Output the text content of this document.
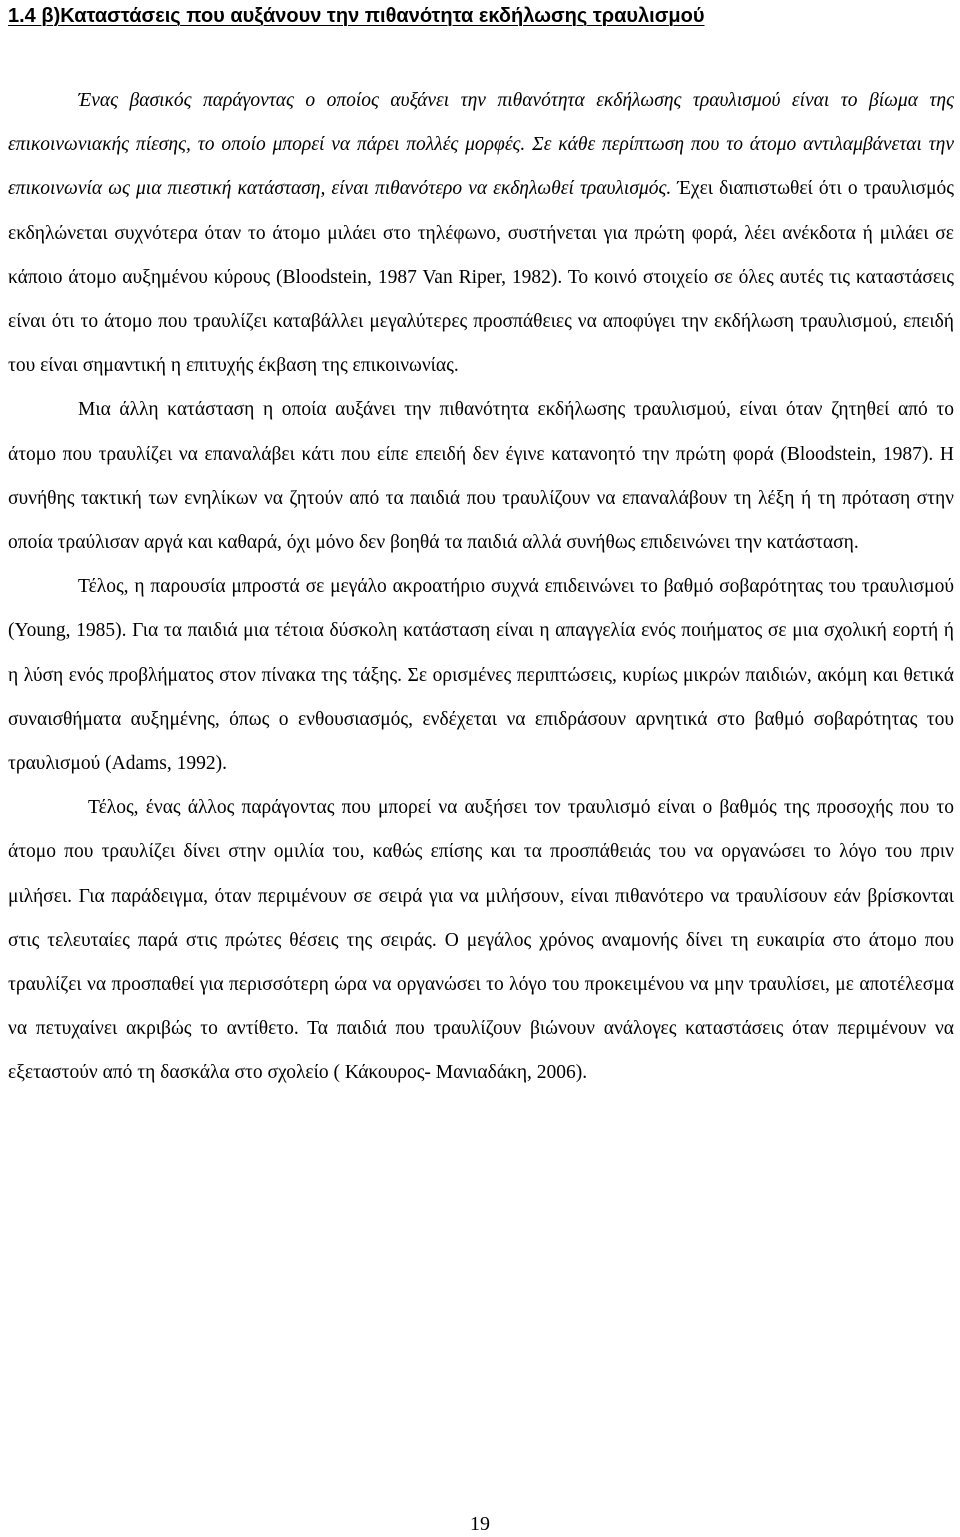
1.4 β)Καταστάσεις που αυξάνουν την πιθανότητα εκδήλωσης τραυλισμού

Ένας βασικός παράγοντας ο οποίος αυξάνει την πιθανότητα εκδήλωσης τραυλισμού είναι το βίωμα της επικοινωνιακής πίεσης, το οποίο μπορεί να πάρει πολλές μορφές. Σε κάθε περίπτωση που το άτομο αντιλαμβάνεται την επικοινωνία ως μια πιεστική κατάσταση, είναι πιθανότερο να εκδηλωθεί τραυλισμός. Έχει διαπιστωθεί ότι ο τραυλισμός εκδηλώνεται συχνότερα όταν το άτομο μιλάει στο τηλέφωνο, συστήνεται για πρώτη φορά, λέει ανέκδοτα ή μιλάει σε κάποιο άτομο αυξημένου κύρους (Bloodstein, 1987 Van Riper, 1982). Το κοινό στοιχείο σε όλες αυτές τις καταστάσεις είναι ότι το άτομο που τραυλίζει καταβάλλει μεγαλύτερες προσπάθειες να αποφύγει την εκδήλωση τραυλισμού, επειδή του είναι σημαντική η επιτυχής έκβαση της επικοινωνίας.

Μια άλλη κατάσταση η οποία αυξάνει την πιθανότητα εκδήλωσης τραυλισμού, είναι όταν ζητηθεί από το άτομο που τραυλίζει να επαναλάβει κάτι που είπε επειδή δεν έγινε κατανοητό την πρώτη φορά (Bloodstein, 1987). Η συνήθης τακτική των ενηλίκων να ζητούν από τα παιδιά που τραυλίζουν να επαναλάβουν τη λέξη ή τη πρόταση στην οποία τραύλισαν αργά και καθαρά, όχι μόνο δεν βοηθά τα παιδιά αλλά συνήθως επιδεινώνει την κατάσταση.

Τέλος, η παρουσία μπροστά σε μεγάλο ακροατήριο συχνά επιδεινώνει το βαθμό σοβαρότητας του τραυλισμού (Young, 1985). Για τα παιδιά μια τέτοια δύσκολη κατάσταση είναι η απαγγελία ενός ποιήματος σε μια σχολική εορτή ή η λύση ενός προβλήματος στον πίνακα της τάξης. Σε ορισμένες περιπτώσεις, κυρίως μικρών παιδιών, ακόμη και θετικά συναισθήματα αυξημένης, όπως ο ενθουσιασμός, ενδέχεται να επιδράσουν αρνητικά στο βαθμό σοβαρότητας του τραυλισμού (Adams, 1992).

Τέλος, ένας άλλος παράγοντας που μπορεί να αυξήσει τον τραυλισμό είναι ο βαθμός της προσοχής που το άτομο που τραυλίζει δίνει στην ομιλία του, καθώς επίσης και τα προσπάθειάς του να οργανώσει το λόγο του πριν μιλήσει. Για παράδειγμα, όταν περιμένουν σε σειρά για να μιλήσουν, είναι πιθανότερο να τραυλίσουν εάν βρίσκονται στις τελευταίες παρά στις πρώτες θέσεις της σειράς. Ο μεγάλος χρόνος αναμονής δίνει τη ευκαιρία στο άτομο που τραυλίζει να προσπαθεί για περισσότερη ώρα να οργανώσει το λόγο του προκειμένου να μην τραυλίσει, με αποτέλεσμα να πετυχαίνει ακριβώς το αντίθετο. Τα παιδιά που τραυλίζουν βιώνουν ανάλογες καταστάσεις όταν περιμένουν να εξεταστούν από τη δασκάλα στο σχολείο ( Κάκουρος- Μανιαδάκη, 2006).

19
